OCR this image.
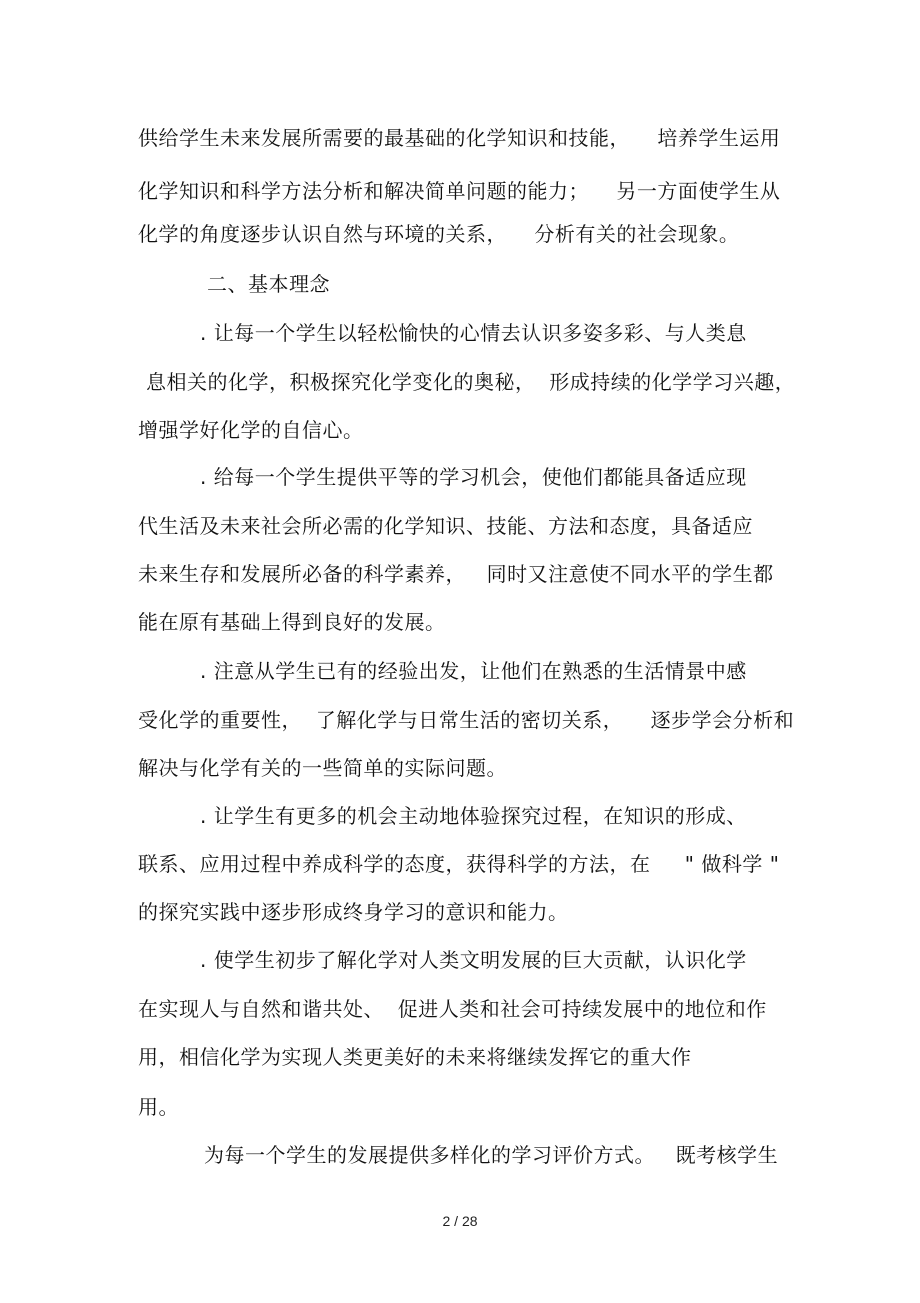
供给学生未来发展所需要的最基础的化学知识和技能，    培养学生运用
化学知识和科学方法分析和解决简单问题的能力；    另一方面使学生从
化学的角度逐步认识自然与环境的关系，    分析有关的社会现象。
二、基本理念
. 让每一个学生以轻松愉快的心情去认识多姿多彩、与人类息
息相关的化学，积极探究化学变化的奥秘，  形成持续的化学学习兴趣，
增强学好化学的自信心。
. 给每一个学生提供平等的学习机会，使他们都能具备适应现
代生活及未来社会所必需的化学知识、技能、方法和态度，具备适应
未来生存和发展所必备的科学素养，   同时又注意使不同水平的学生都
能在原有基础上得到良好的发展。
. 注意从学生已有的经验出发，让他们在熟悉的生活情景中感
受化学的重要性，  了解化学与日常生活的密切关系，    逐步学会分析和
解决与化学有关的一些简单的实际问题。
. 让学生有更多的机会主动地体验探究过程，在知识的形成、
联系、应用过程中养成科学的态度，获得科学的方法，在     " 做科学 "
的探究实践中逐步形成终身学习的意识和能力。
. 使学生初步了解化学对人类文明发展的巨大贡献，认识化学
在实现人与自然和谐共处、  促进人类和社会可持续发展中的地位和作
用，相信化学为实现人类更美好的未来将继续发挥它的重大作
用。
为每一个学生的发展提供多样化的学习评价方式。   既考核学生
2 / 28
